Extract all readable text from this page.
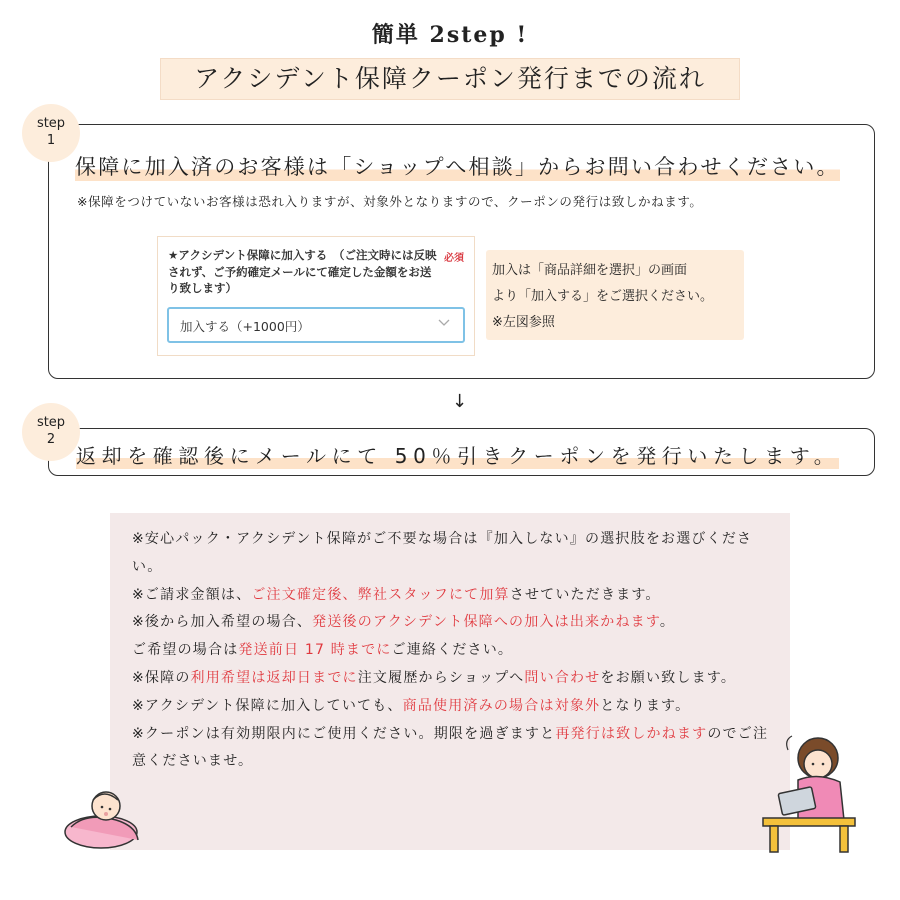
簡単 2step !
アクシデント保障クーポン発行までの流れ
step
1
保障に加入済のお客様は「ショップへ相談」からお問い合わせください。
※保障をつけていないお客様は恐れ入りますが、対象外となりますので、クーポンの発行は致しかねます。
★アクシデント保障に加入する　（ご注文時には反映されず、ご予約確定メールにて確定した金額をお送り致します）
必須
加入する（+1000円）
加入は「商品詳細を選択」の画面
より「加入する」をご選択ください。
※左図参照
↓
step
2
返却を確認後にメールにて 50％引きクーポンを発行いたします。
※安心パック・アクシデント保障がご不要な場合は『加入しない』の選択肢をお選びください。
※ご請求金額は、ご注文確定後、弊社スタッフにて加算させていただきます。
※後から加入希望の場合、発送後のアクシデント保障への加入は出来かねます。
ご希望の場合は発送前日 17 時までにご連絡ください。
※保障の利用希望は返却日までに注文履歴からショップへ問い合わせをお願い致します。
※アクシデント保障に加入していても、商品使用済みの場合は対象外となります。
※クーポンは有効期限内にご使用ください。期限を過ぎますと再発行は致しかねますのでご注意くださいませ。
